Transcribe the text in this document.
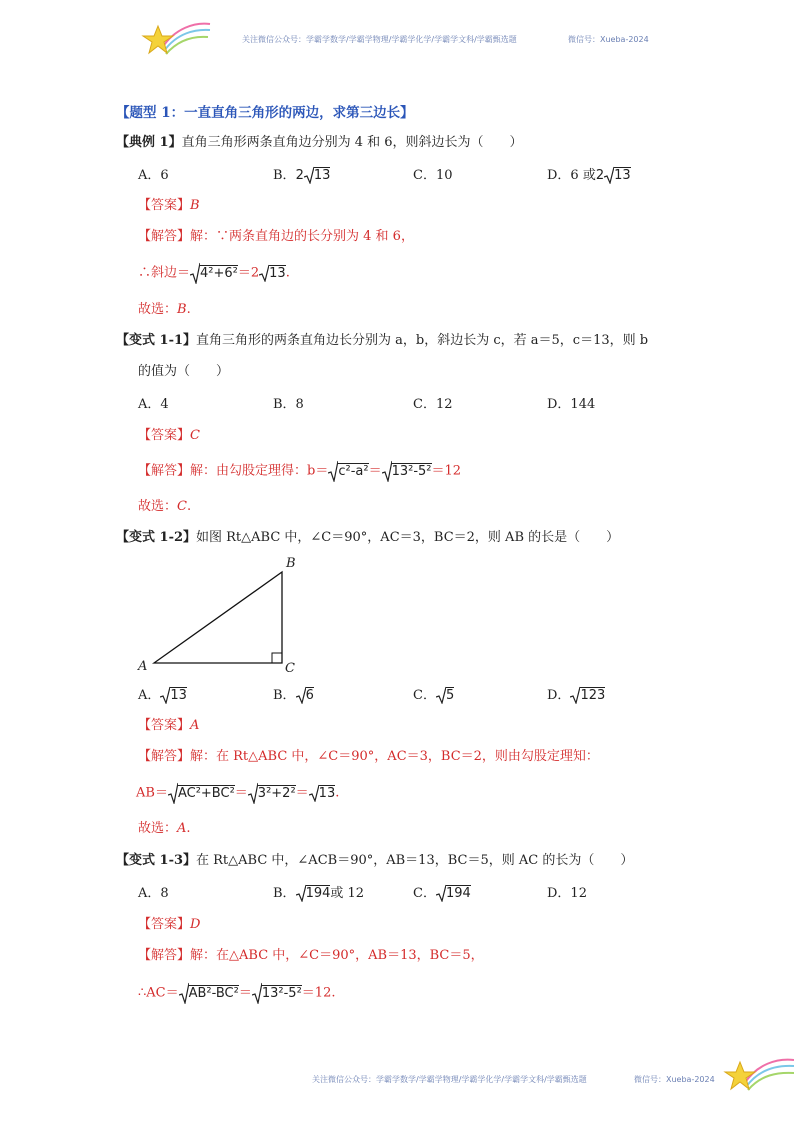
关注微信公众号：学霸学数学/学霸学物理/学霸学化学/学霸学文科/学霸甄选题	微信号：Xueba-2024
【题型 1：一直直角三角形的两边，求第三边长】
【典例 1】直角三角形两条直角边分别为 4 和 6，则斜边长为（　　）
A．6	B．2 13	C．10	D．6 或2 13
【答案】B
【解答】解：∵两条直角边的长分别为 4 和 6，
∴斜边＝ 4²+6²＝2 13.
故选：B.
【变式 1-1】直角三角形的两条直角边长分别为 a，b，斜边长为 c，若 a＝5，c＝13，则 b
的值为（　　）
A．4	B．8	C．12	D．144
【答案】C
【解答】解：由勾股定理得：b＝ c²-a²＝ 13²-5²＝12
故选：C.
【变式 1-2】如图 Rt△ABC 中，∠C＝90°，AC＝3，BC＝2，则 AB 的长是（　　）
A
B
C
A． 13	B． 6	C． 5	D． 123
【答案】A
【解答】解：在 Rt△ABC 中，∠C＝90°，AC＝3，BC＝2，则由勾股定理知：
AB＝ AC²+BC²＝ 3²+2²＝ 13.
故选：A.
【变式 1-3】在 Rt△ABC 中，∠ACB＝90°，AB＝13，BC＝5，则 AC 的长为（　　）
A．8	B． 194或 12	C． 194	D．12
【答案】D
【解答】解：在△ABC 中，∠C＝90°，AB＝13，BC＝5，
∴AC＝ AB²-BC²＝ 13²-5²＝12.
关注微信公众号：学霸学数学/学霸学物理/学霸学化学/学霸学文科/学霸甄选题	微信号：Xueba-2024
